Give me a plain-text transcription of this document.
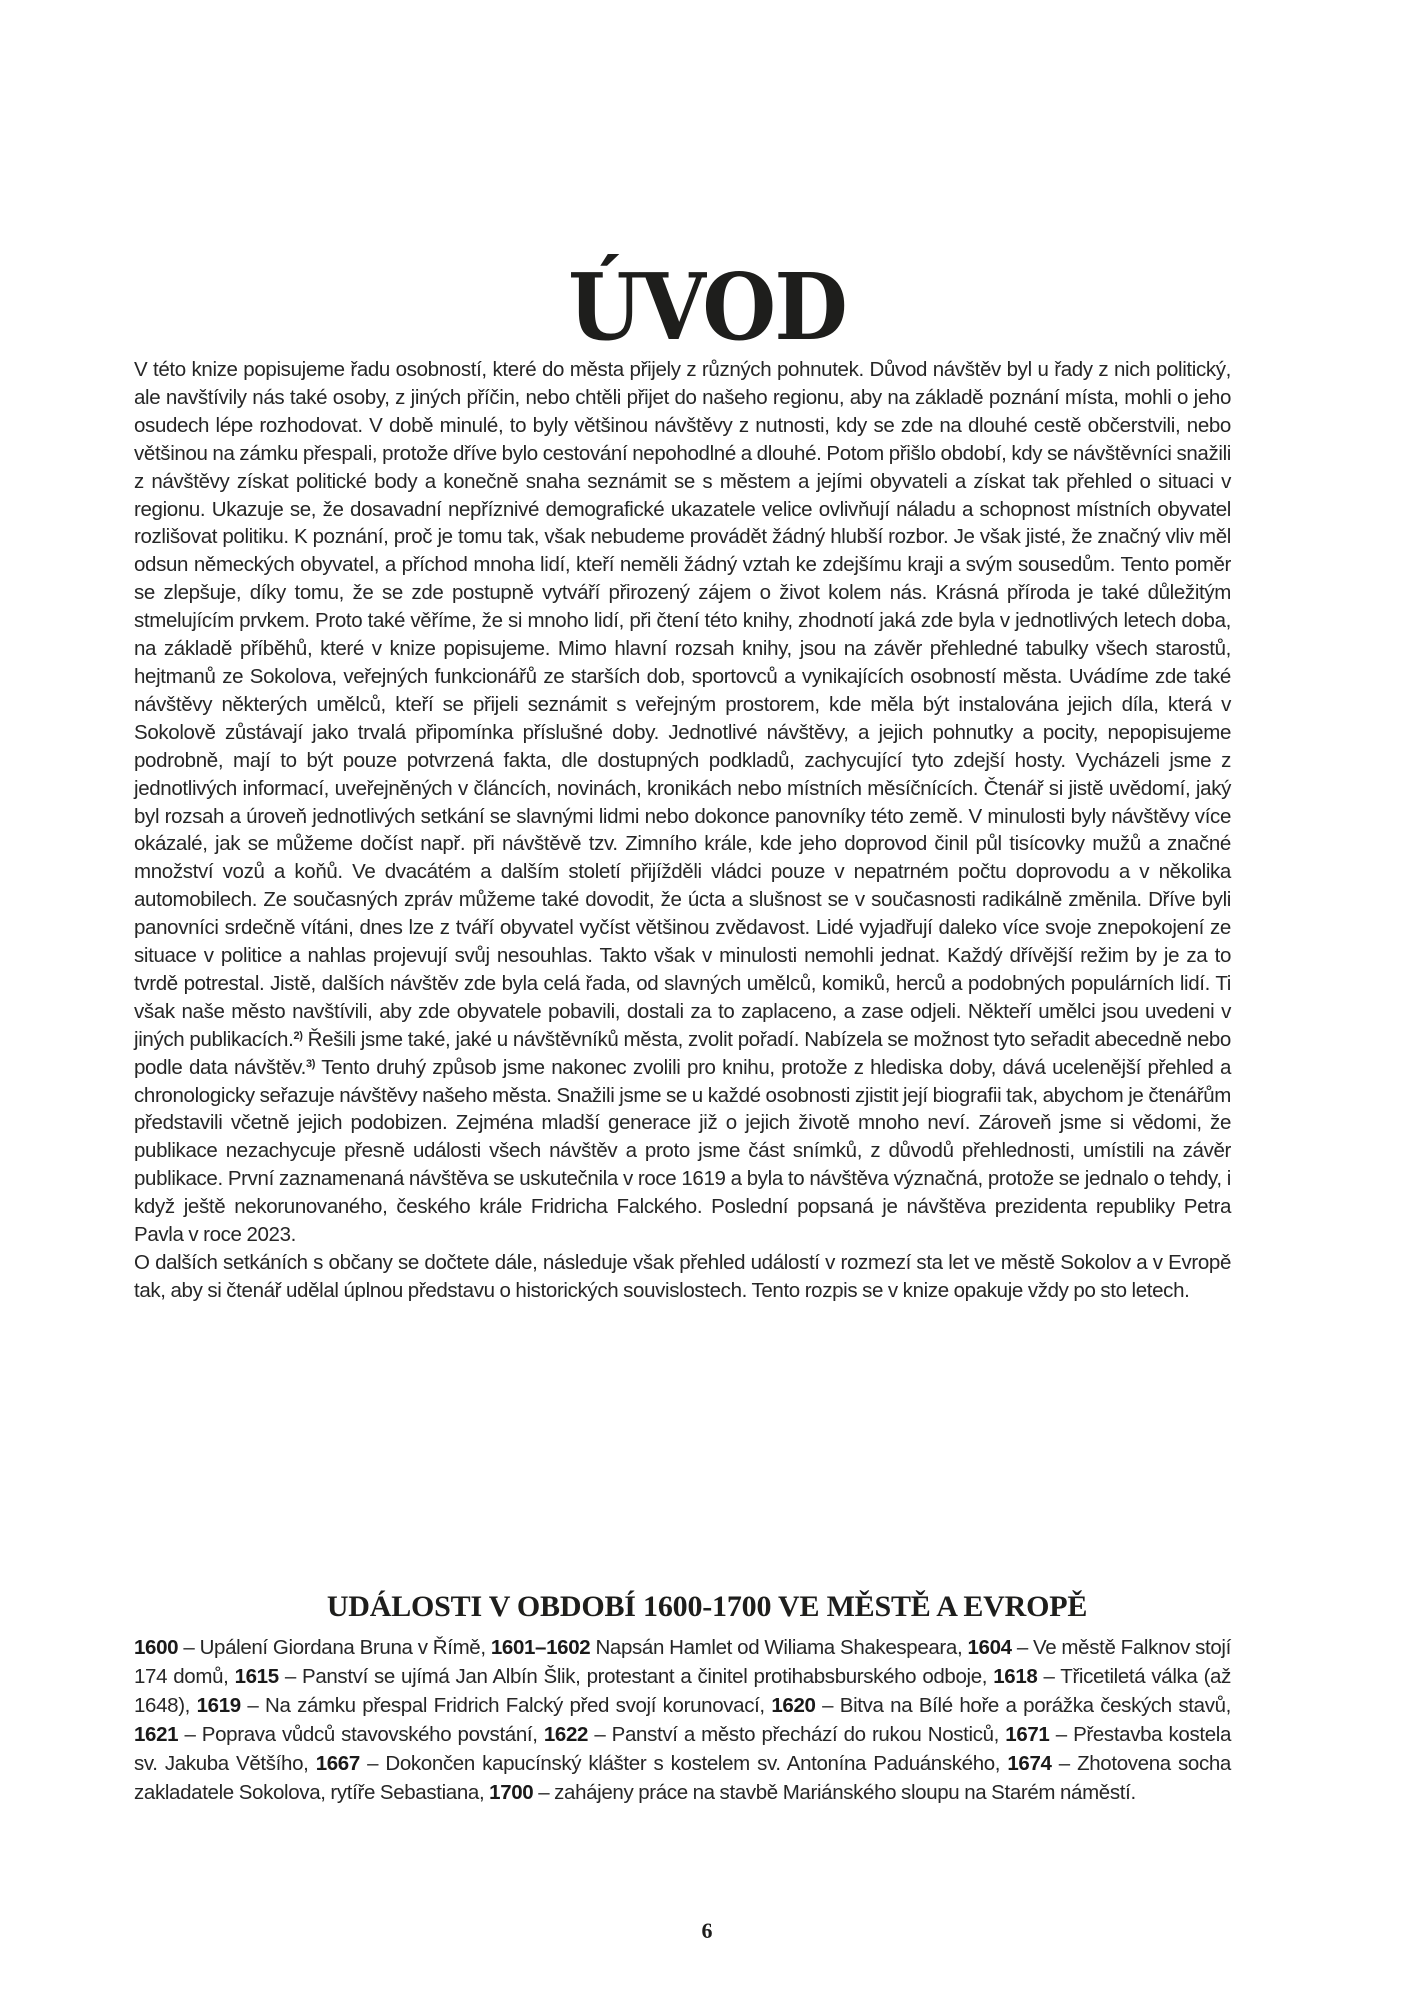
ÚVOD

V této knize popisujeme řadu osobností, které do města přijely z různých pohnutek. Důvod návštěv byl u řady z nich politický, ale navštívily nás také osoby, z jiných příčin, nebo chtěli přijet do našeho regionu, aby na základě poznání místa, mohli o jeho osudech lépe rozhodovat. V době minulé, to byly většinou návštěvy z nutnosti, kdy se zde na dlouhé cestě občerstvili, nebo většinou na zámku přespali, protože dříve bylo cestování nepohodlné a dlouhé. Potom přišlo období, kdy se návštěvníci snažili z návštěvy získat politické body a konečně snaha seznámit se s městem a jejími obyvateli a získat tak přehled o situaci v regionu. Ukazuje se, že dosavadní nepříznivé demografické ukazatele velice ovlivňují náladu a schopnost místních obyvatel rozlišovat politiku. K poznání, proč je tomu tak, však nebudeme provádět žádný hlubší rozbor. Je však jisté, že značný vliv měl odsun německých obyvatel, a příchod mnoha lidí, kteří neměli žádný vztah ke zdejšímu kraji a svým sousedům. Tento poměr se zlepšuje, díky tomu, že se zde postupně vytváří přirozený zájem o život kolem nás. Krásná příroda je také důležitým stmelujícím prvkem. Proto také věříme, že si mnoho lidí, při čtení této knihy, zhodnotí jaká zde byla v jednotlivých letech doba, na základě příběhů, které v knize popisujeme. Mimo hlavní rozsah knihy, jsou na závěr přehledné tabulky všech starostů, hejtmanů ze Sokolova, veřejných funkcionářů ze starších dob, sportovců a vynikajících osobností města. Uvádíme zde také návštěvy některých umělců, kteří se přijeli seznámit s veřejným prostorem, kde měla být instalována jejich díla, která v Sokolově zůstávají jako trvalá připomínka příslušné doby. Jednotlivé návštěvy, a jejich pohnutky a pocity, nepopisujeme podrobně, mají to být pouze potvrzená fakta, dle dostupných podkladů, zachycující tyto zdejší hosty. Vycházeli jsme z jednotlivých informací, uveřejněných v článcích, novinách, kronikách nebo místních měsíčnících. Čtenář si jistě uvědomí, jaký byl rozsah a úroveň jednotlivých setkání se slavnými lidmi nebo dokonce panovníky této země. V minulosti byly návštěvy více okázalé, jak se můžeme dočíst např. při návštěvě tzv. Zimního krále, kde jeho doprovod činil půl tisícovky mužů a značné množství vozů a koňů. Ve dvacátém a dalším století přijížděli vládci pouze v nepatrném počtu doprovodu a v několika automobilech. Ze současných zpráv můžeme také dovodit, že úcta a slušnost se v současnosti radikálně změnila. Dříve byli panovníci srdečně vítáni, dnes lze z tváří obyvatel vyčíst většinou zvědavost. Lidé vyjadřují daleko více svoje znepokojení ze situace v politice a nahlas projevují svůj nesouhlas. Takto však v minulosti nemohli jednat. Každý dřívější režim by je za to tvrdě potrestal. Jistě, dalších návštěv zde byla celá řada, od slavných umělců, komiků, herců a podobných populárních lidí. Ti však naše město navštívili, aby zde obyvatele pobavili, dostali za to zaplaceno, a zase odjeli. Někteří umělci jsou uvedeni v jiných publikacích.$^{2)}$ Řešili jsme také, jaké u návštěvníků města, zvolit pořadí. Nabízela se možnost tyto seřadit abecedně nebo podle data návštěv.$^{3)}$ Tento druhý způsob jsme nakonec zvolili pro knihu, protože z hlediska doby, dává ucelenější přehled a chronologicky seřazuje návštěvy našeho města. Snažili jsme se u každé osobnosti zjistit její biografii tak, abychom je čtenářům představili včetně jejich podobizen. Zejména mladší generace již o jejich životě mnoho neví. Zároveň jsme si vědomi, že publikace nezachycuje přesně události všech návštěv a proto jsme část snímků, z důvodů přehlednosti, umístili na závěr publikace. První zaznamenaná návštěva se uskutečnila v roce 1619 a byla to návštěva význačná, protože se jednalo o tehdy, i když ještě nekorunovaného, českého krále Fridricha Falckého. Poslední popsaná je návštěva prezidenta republiky Petra Pavla v roce 2023.

O dalších setkáních s občany se dočtete dále, následuje však přehled událostí v rozmezí sta let ve městě Sokolov a v Evropě tak, aby si čtenář udělal úplnou představu o historických souvislostech. Tento rozpis se v knize opakuje vždy po sto letech.

UDÁLOSTI V OBDOBÍ 1600-1700 VE MĚSTĚ A EVROPĚ
1600 – Upálení Giordana Bruna v Římě, 1601–1602 Napsán Hamlet od Wiliama Shakespeara, 1604 – Ve městě Falknov stojí 174 domů, 1615 – Panství se ujímá Jan Albín Šlik, protestant a činitel protihabsburského odboje, 1618 – Třicetiletá válka (až 1648), 1619 – Na zámku přespal Fridrich Falcký před svojí korunovací, 1620 – Bitva na Bílé hoře a porážka českých stavů, 1621 – Poprava vůdců stavovského povstání, 1622 – Panství a město přechází do rukou Nosticů, 1671 – Přestavba kostela sv. Jakuba Většího, 1667 – Dokončen kapucínský klášter s kostelem sv. Antonína Paduánského, 1674 – Zhotovena socha zakladatele Sokolova, rytíře Sebastiana, 1700 – zahájeny práce na stavbě Mariánského sloupu na Starém náměstí.
6
